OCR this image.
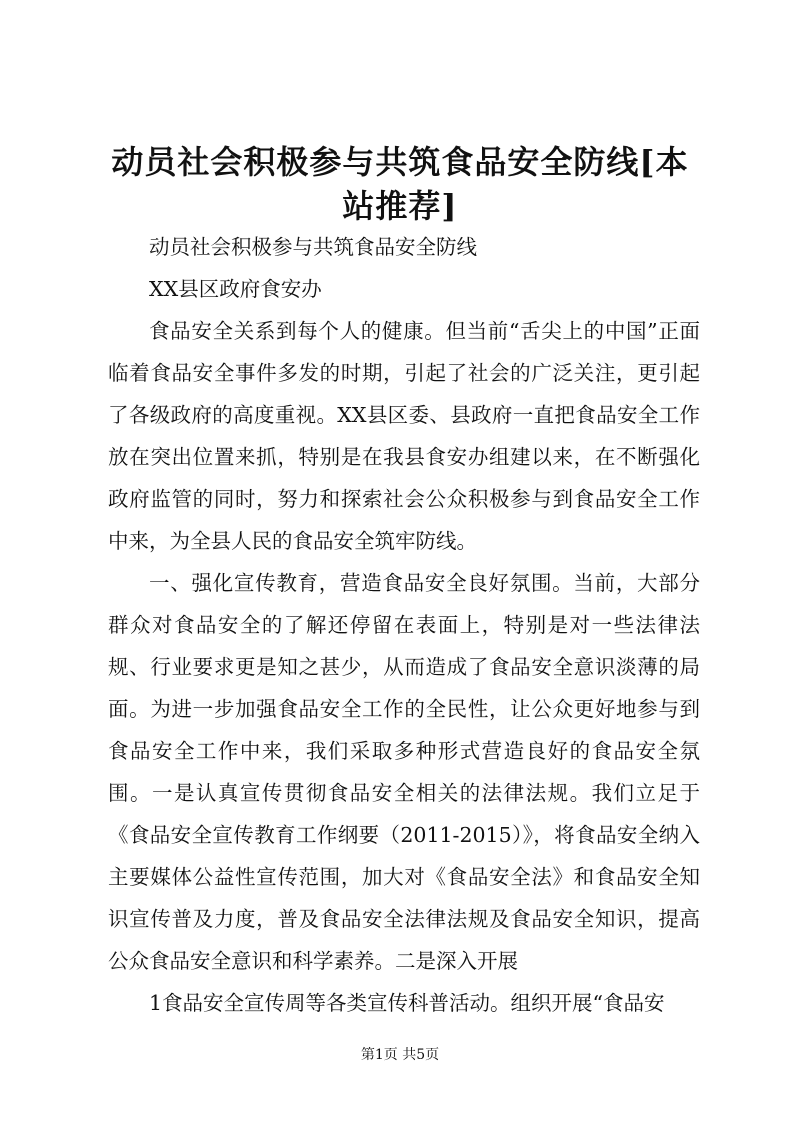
动员社会积极参与共筑食品安全防线[本站推荐]

动员社会积极参与共筑食品安全防线

XX县区政府食安办

食品安全关系到每个人的健康。但当前“舌尖上的中国”正面临着食品安全事件多发的时期，引起了社会的广泛关注，更引起了各级政府的高度重视。XX县区委、县政府一直把食品安全工作放在突出位置来抓，特别是在我县食安办组建以来，在不断强化政府监管的同时，努力和探索社会公众积极参与到食品安全工作中来，为全县人民的食品安全筑牢防线。

一、强化宣传教育，营造食品安全良好氛围。当前，大部分群众对食品安全的了解还停留在表面上，特别是对一些法律法规、行业要求更是知之甚少，从而造成了食品安全意识淡薄的局面。为进一步加强食品安全工作的全民性，让公众更好地参与到食品安全工作中来，我们采取多种形式营造良好的食品安全氛围。一是认真宣传贯彻食品安全相关的法律法规。我们立足于《食品安全宣传教育工作纲要（2011-2015）》，将食品安全纳入主要媒体公益性宣传范围，加大对《食品安全法》和食品安全知识宣传普及力度，普及食品安全法律法规及食品安全知识，提高公众食品安全意识和科学素养。二是深入开展

1食品安全宣传周等各类宣传科普活动。组织开展“食品安

第1页 共5页
